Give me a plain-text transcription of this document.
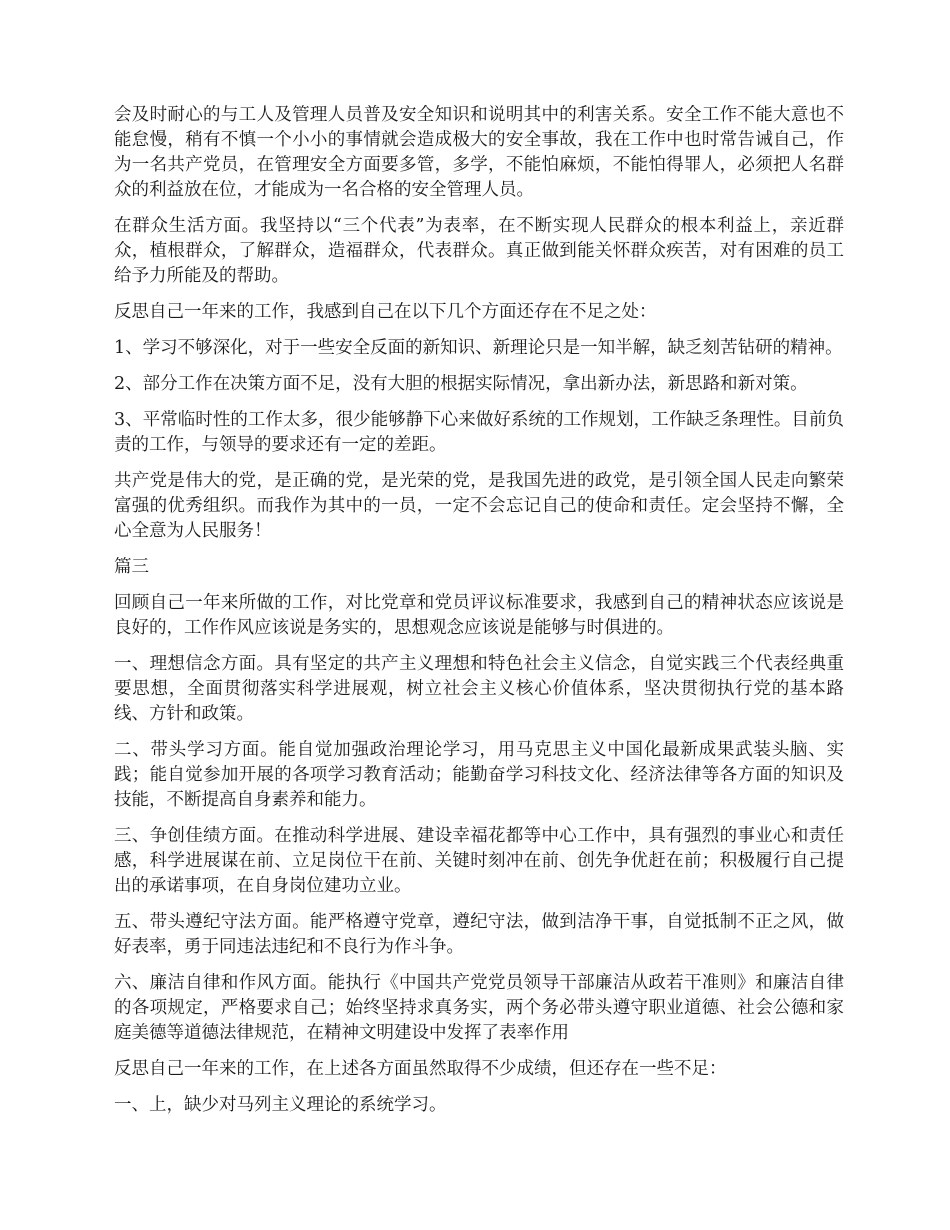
会及时耐心的与工人及管理人员普及安全知识和说明其中的利害关系。安全工作不能大意也不能怠慢，稍有不慎一个小小的事情就会造成极大的安全事故，我在工作中也时常告诫自己，作为一名共产党员，在管理安全方面要多管，多学，不能怕麻烦，不能怕得罪人，必须把人名群众的利益放在位，才能成为一名合格的安全管理人员。

在群众生活方面。我坚持以“三个代表”为表率，在不断实现人民群众的根本利益上，亲近群众，植根群众，了解群众，造福群众，代表群众。真正做到能关怀群众疾苦，对有困难的员工给予力所能及的帮助。

反思自己一年来的工作，我感到自己在以下几个方面还存在不足之处：

1、学习不够深化，对于一些安全反面的新知识、新理论只是一知半解，缺乏刻苦钻研的精神。

2、部分工作在决策方面不足，没有大胆的根据实际情况，拿出新办法，新思路和新对策。

3、平常临时性的工作太多，很少能够静下心来做好系统的工作规划，工作缺乏条理性。目前负责的工作，与领导的要求还有一定的差距。

共产党是伟大的党，是正确的党，是光荣的党，是我国先进的政党，是引领全国人民走向繁荣富强的优秀组织。而我作为其中的一员，一定不会忘记自己的使命和责任。定会坚持不懈，全心全意为人民服务！

篇三

回顾自己一年来所做的工作，对比党章和党员评议标准要求，我感到自己的精神状态应该说是良好的，工作作风应该说是务实的，思想观念应该说是能够与时俱进的。

一、理想信念方面。具有坚定的共产主义理想和特色社会主义信念，自觉实践三个代表经典重要思想，全面贯彻落实科学进展观，树立社会主义核心价值体系，坚决贯彻执行党的基本路线、方针和政策。

二、带头学习方面。能自觉加强政治理论学习，用马克思主义中国化最新成果武装头脑、实践；能自觉参加开展的各项学习教育活动；能勤奋学习科技文化、经济法律等各方面的知识及技能，不断提高自身素养和能力。

三、争创佳绩方面。在推动科学进展、建设幸福花都等中心工作中，具有强烈的事业心和责任感，科学进展谋在前、立足岗位干在前、关键时刻冲在前、创先争优赶在前；积极履行自己提出的承诺事项，在自身岗位建功立业。

五、带头遵纪守法方面。能严格遵守党章，遵纪守法，做到洁净干事，自觉抵制不正之风，做好表率，勇于同违法违纪和不良行为作斗争。

六、廉洁自律和作风方面。能执行《中国共产党党员领导干部廉洁从政若干准则》和廉洁自律的各项规定，严格要求自己；始终坚持求真务实，两个务必带头遵守职业道德、社会公德和家庭美德等道德法律规范，在精神文明建设中发挥了表率作用

反思自己一年来的工作，在上述各方面虽然取得不少成绩，但还存在一些不足：

一、上，缺少对马列主义理论的系统学习。
